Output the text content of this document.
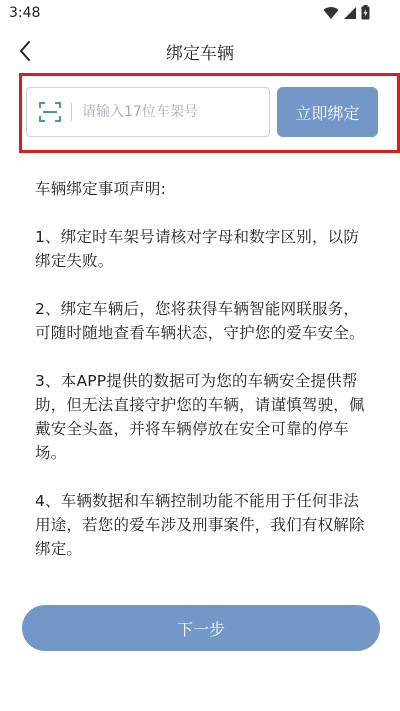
3:48
绑定车辆
请输入17位车架号
立即绑定
车辆绑定事项声明:

1、绑定时车架号请核对字母和数字区别，以防绑定失败。

2、绑定车辆后，您将获得车辆智能网联服务，可随时随地查看车辆状态，守护您的爱车安全。

3、本APP提供的数据可为您的车辆安全提供帮助，但无法直接守护您的车辆，请谨慎驾驶，佩戴安全头盔，并将车辆停放在安全可靠的停车场。

4、车辆数据和车辆控制功能不能用于任何非法用途，若您的爱车涉及刑事案件，我们有权解除绑定。

下一步
